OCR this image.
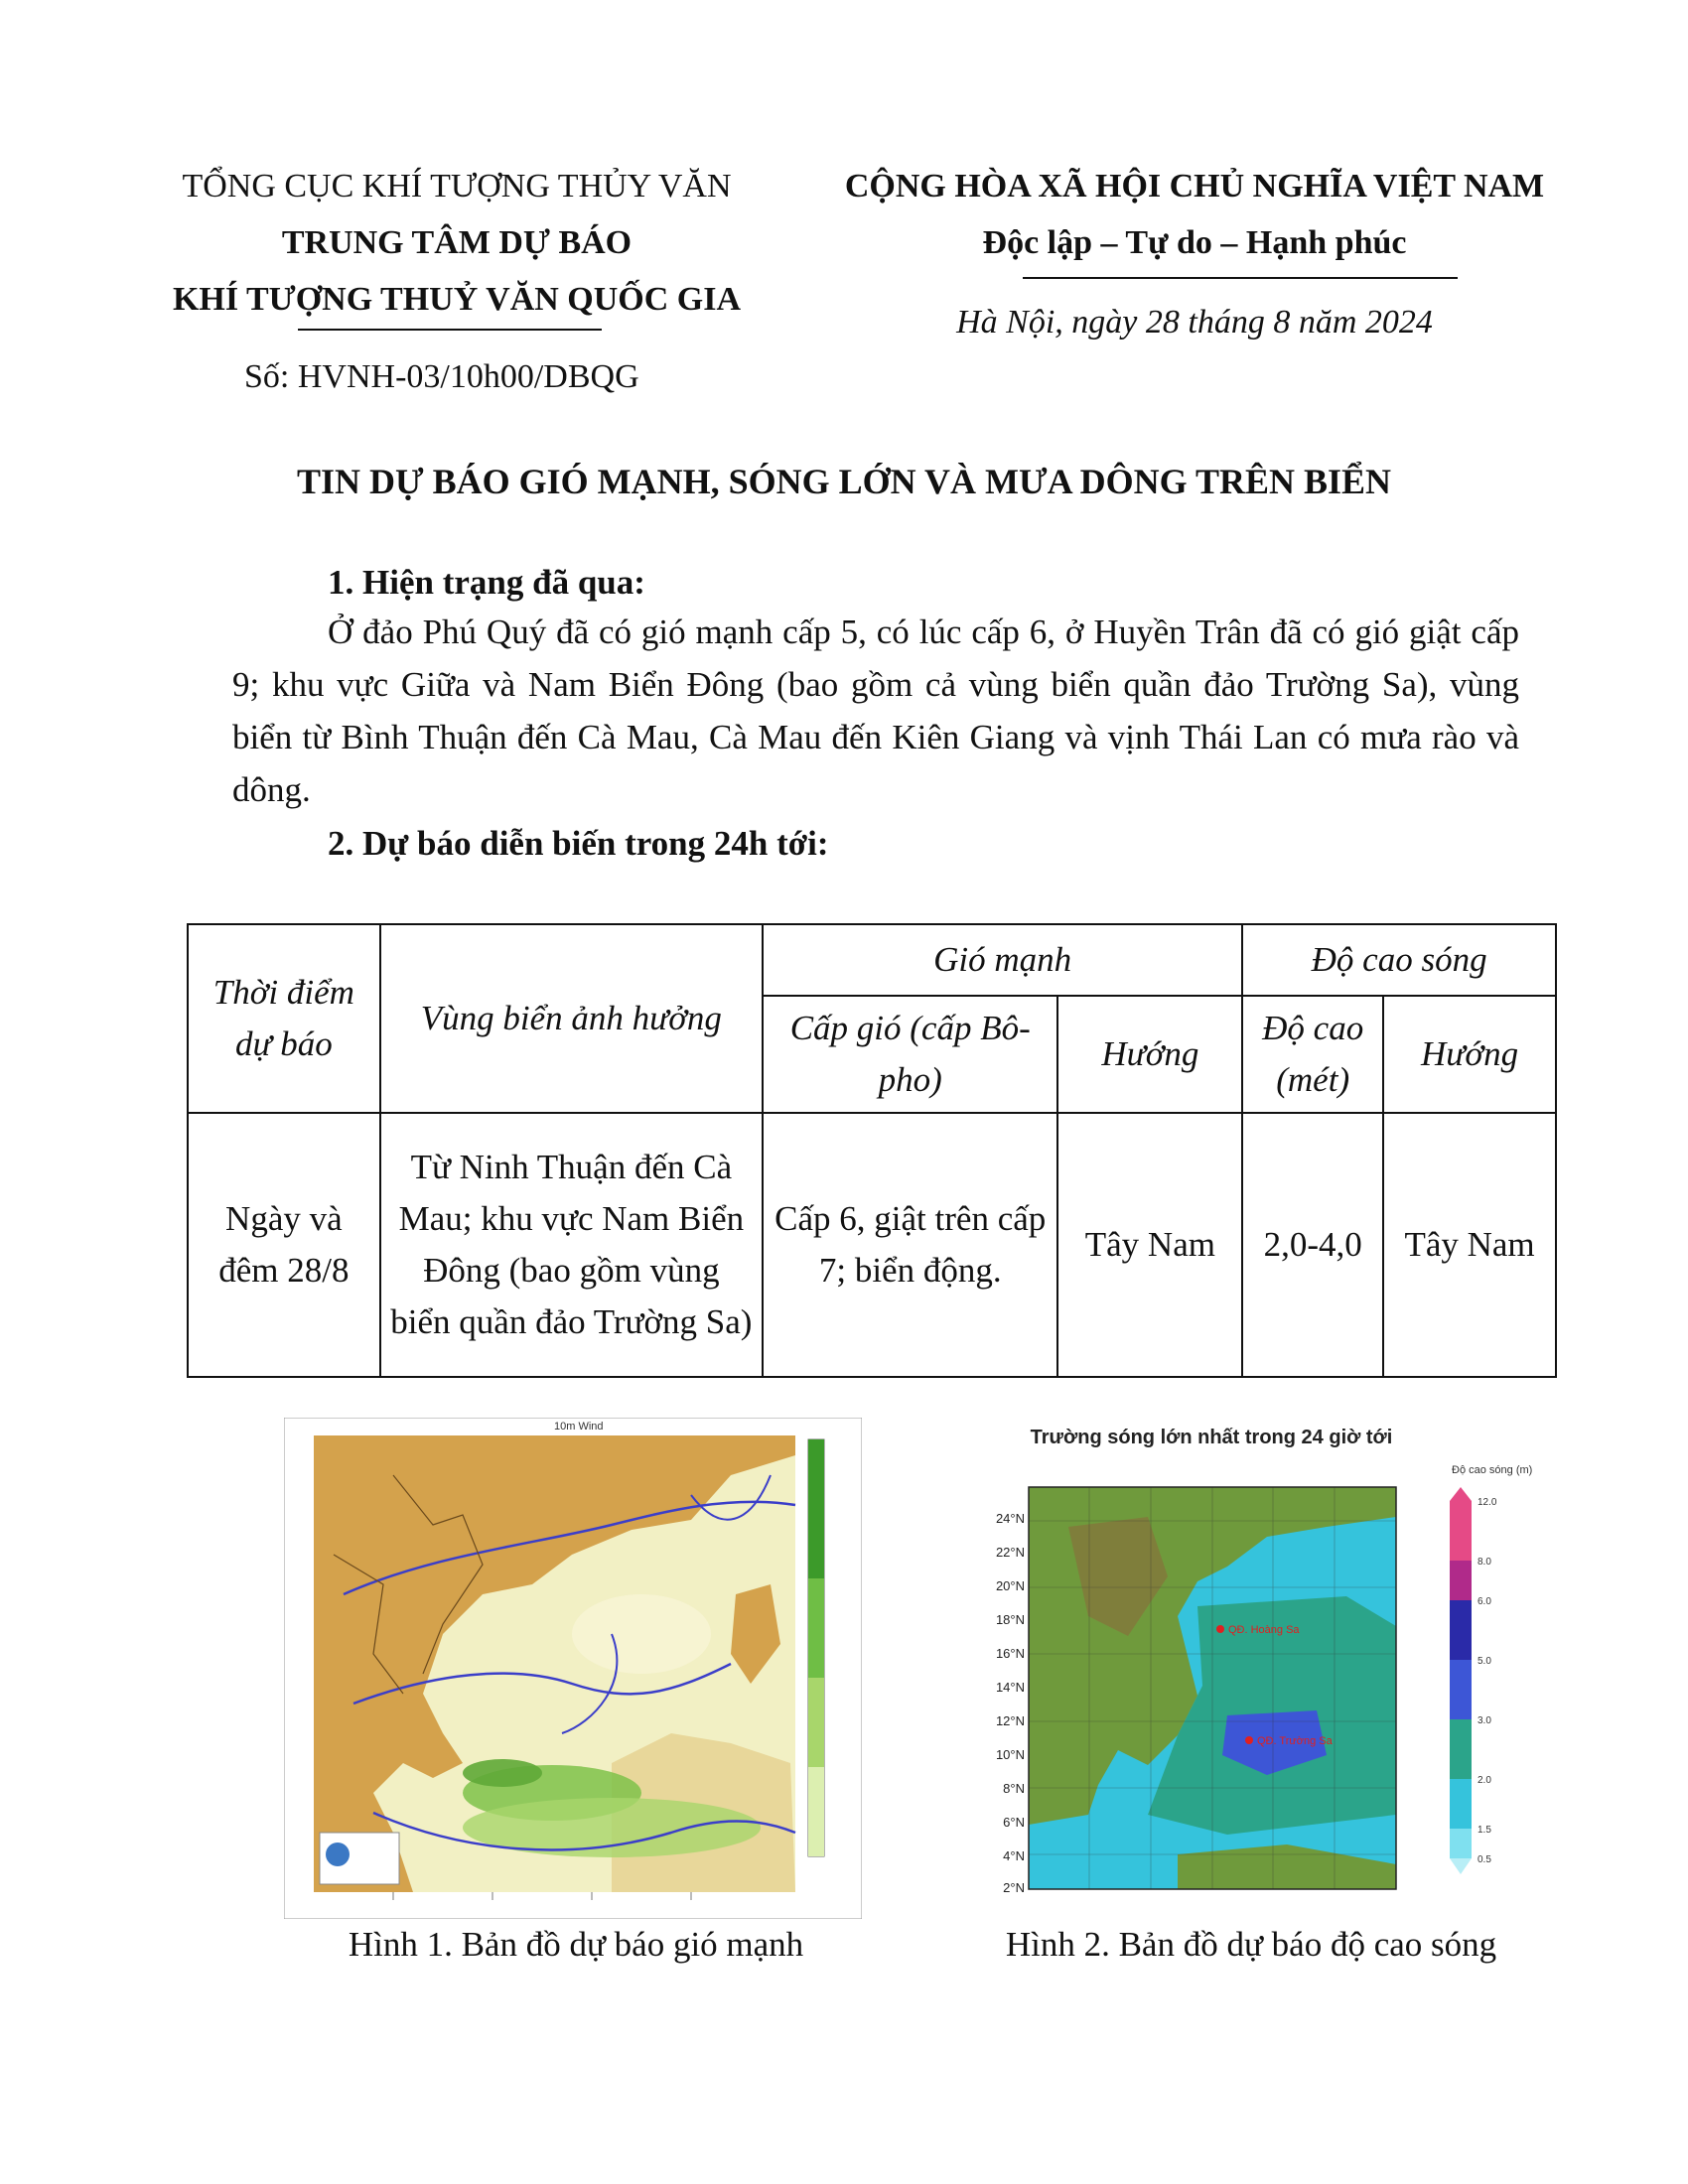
TỔNG CỤC KHÍ TƯỢNG THỦY VĂN
TRUNG TÂM DỰ BÁO
KHÍ TƯỢNG THUỶ VĂN QUỐC GIA
Số: HVNH-03/10h00/DBQG
CỘNG HÒA XÃ HỘI CHỦ NGHĨA VIỆT NAM
Độc lập – Tự do – Hạnh phúc
Hà Nội, ngày 28 tháng 8 năm 2024
TIN DỰ BÁO GIÓ MẠNH, SÓNG LỚN VÀ MƯA DÔNG TRÊN BIỂN
1. Hiện trạng đã qua:
Ở đảo Phú Quý đã có gió mạnh cấp 5, có lúc cấp 6, ở Huyền Trân đã có gió giật cấp 9; khu vực Giữa và Nam Biển Đông (bao gồm cả vùng biển quần đảo Trường Sa), vùng biển từ Bình Thuận đến Cà Mau, Cà Mau đến Kiên Giang và vịnh Thái Lan có mưa rào và dông.
2. Dự báo diễn biến trong 24h tới:
Thời điểm dự báo	Vùng biển ảnh hưởng	Gió mạnh		Độ cao sóng	
		Cấp gió (cấp Bô-pho)	Hướng	Độ cao (mét)	Hướng
Ngày và đêm 28/8	Từ Ninh Thuận đến Cà Mau; khu vực Nam Biển Đông (bao gồm vùng biển quần đảo Trường Sa)	Cấp 6, giật trên cấp 7; biển động.	Tây Nam	2,0-4,0	Tây Nam
10m Wind
Hình 1. Bản đồ dự báo gió mạnh
Trường sóng lớn nhất trong 24 giờ tới
QĐ. Hoàng Sa
QĐ. Trường Sa
24°N
22°N
20°N
18°N
16°N
14°N
12°N
10°N
8°N
6°N
4°N
2°N
Độ cao sóng (m)
12.0
8.0
6.0
5.0
3.0
2.0
1.5
0.5
Hình 2. Bản đồ dự báo độ cao sóng
